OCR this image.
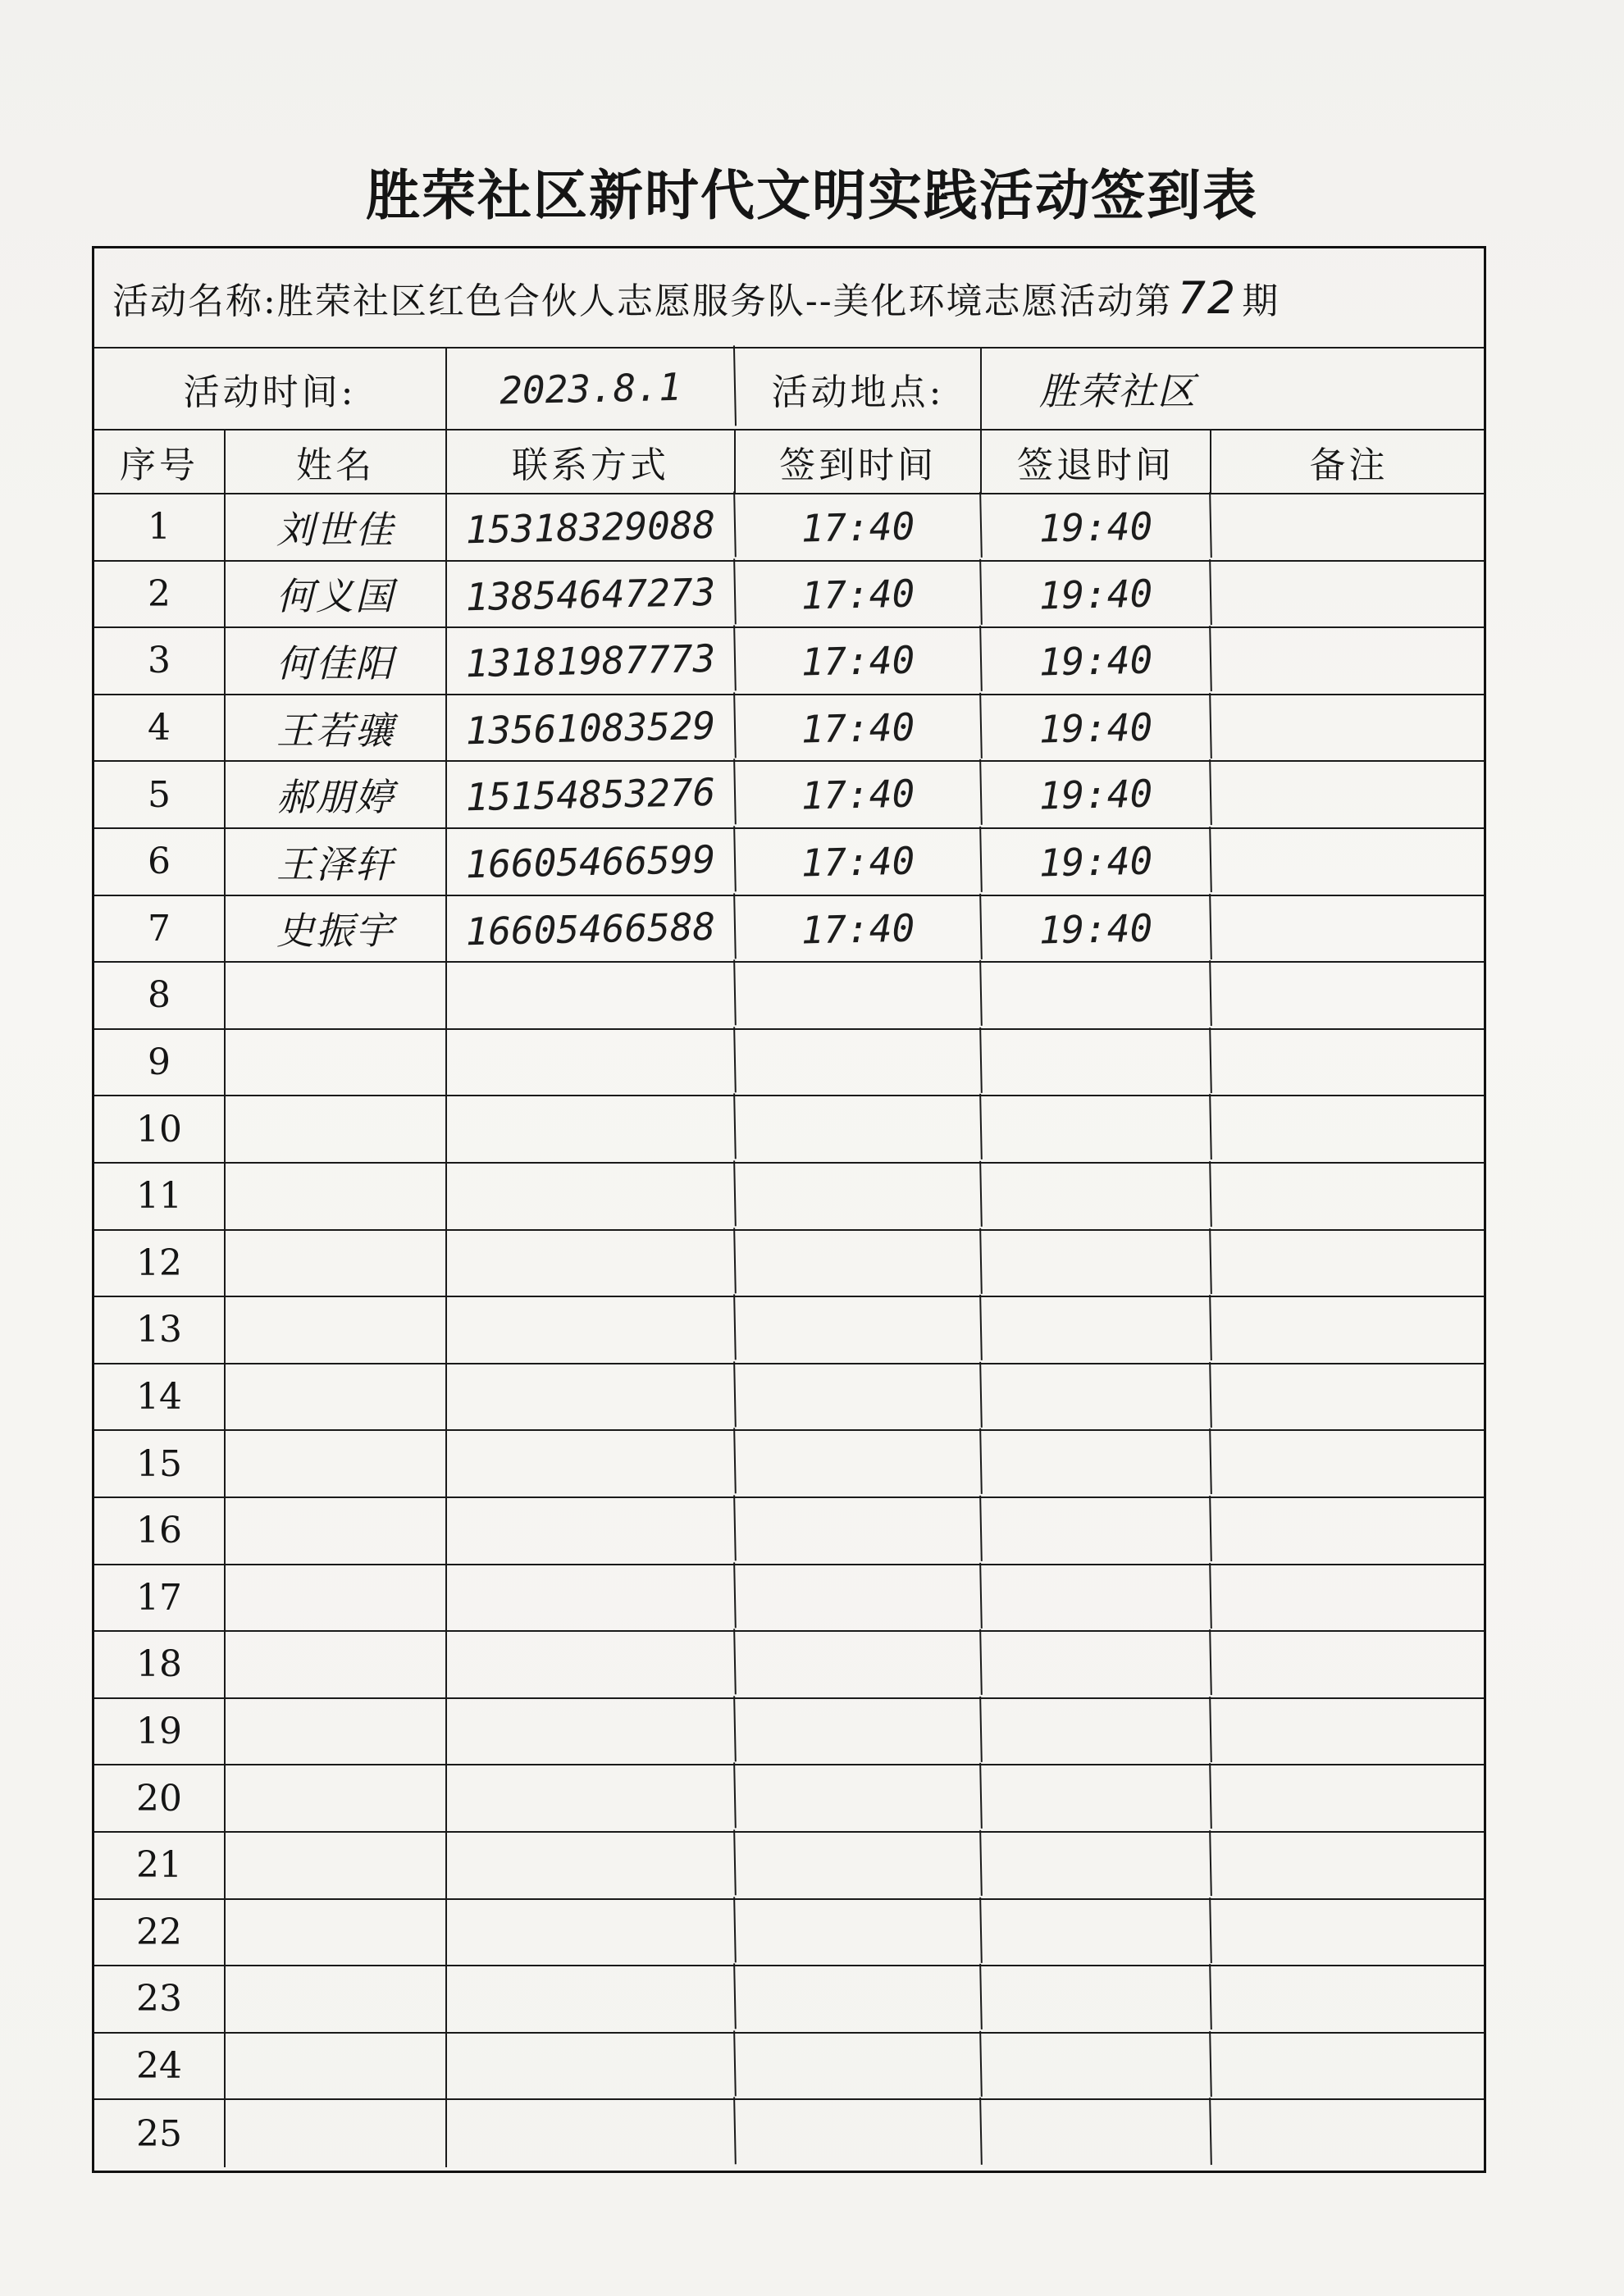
胜荣社区新时代文明实践活动签到表
活动名称: 胜荣社区红色合伙人志愿服务队--美化环境志愿活动第 72 期
活动时间:	2023.8.1	活动地点:	胜荣社区
序号	姓名	联系方式	签到时间	签退时间	备注
1	刘世佳	15318329088	17:40	19:40
2	何义国	13854647273	17:40	19:40
3	何佳阳	13181987773	17:40	19:40
4	王若骧	13561083529	17:40	19:40
5	郝朋婷	15154853276	17:40	19:40
6	王泽轩	16605466599	17:40	19:40
7	史振宇	16605466588	17:40	19:40
8
9
10
11
12
13
14
15
16
17
18
19
20
21
22
23
24
25
